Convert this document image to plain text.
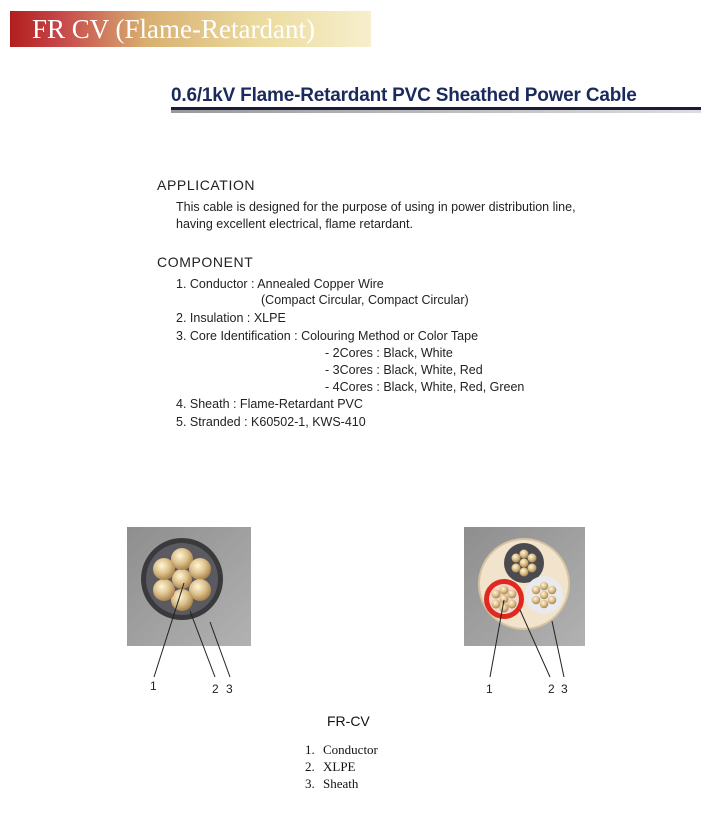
FR CV (Flame-Retardant)
0.6/1kV Flame-Retardant PVC Sheathed Power Cable
APPLICATION
This cable is designed for the purpose of using in power distribution line,
having excellent electrical, flame retardant.
COMPONENT
1. Conductor : Annealed Copper Wire
(Compact Circular, Compact Circular)
2. Insulation : XLPE
3. Core Identification : Colouring Method or Color Tape
- 2Cores : Black, White
- 3Cores : Black, White, Red
- 4Cores : Black, White, Red, Green
4. Sheath : Flame-Retardant PVC
5. Stranded : K60502-1, KWS-410
1	2 3	1	2 3
FR-CV
1. Conductor
2. XLPE
3. Sheath
